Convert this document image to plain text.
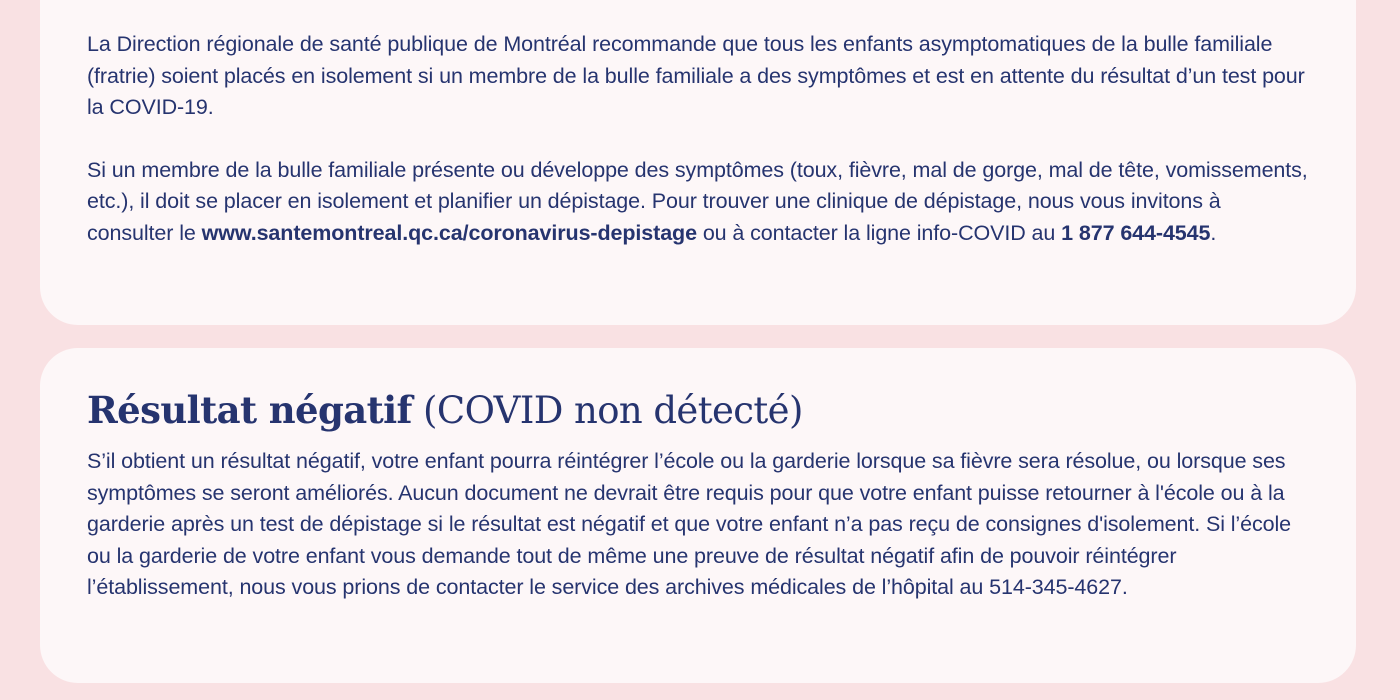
La Direction régionale de santé publique de Montréal recommande que tous les enfants asymptomatiques de la bulle familiale (fratrie) soient placés en isolement si un membre de la bulle familiale a des symptômes et est en attente du résultat d’un test pour la COVID-19.

Si un membre de la bulle familiale présente ou développe des symptômes (toux, fièvre, mal de gorge, mal de tête, vomissements, etc.), il doit se placer en isolement et planifier un dépistage. Pour trouver une clinique de dépistage, nous vous invitons à consulter le www.santemontreal.qc.ca/coronavirus-depistage ou à contacter la ligne info-COVID au 1 877 644-4545.

Résultat négatif (COVID non détecté)

S’il obtient un résultat négatif, votre enfant pourra réintégrer l’école ou la garderie lorsque sa fièvre sera résolue, ou lorsque ses symptômes se seront améliorés. Aucun document ne devrait être requis pour que votre enfant puisse retourner à l'école ou à la garderie après un test de dépistage si le résultat est négatif et que votre enfant n’a pas reçu de consignes d'isolement. Si l’école ou la garderie de votre enfant vous demande tout de même une preuve de résultat négatif afin de pouvoir réintégrer l’établissement, nous vous prions de contacter le service des archives médicales de l’hôpital au 514-345-4627.
